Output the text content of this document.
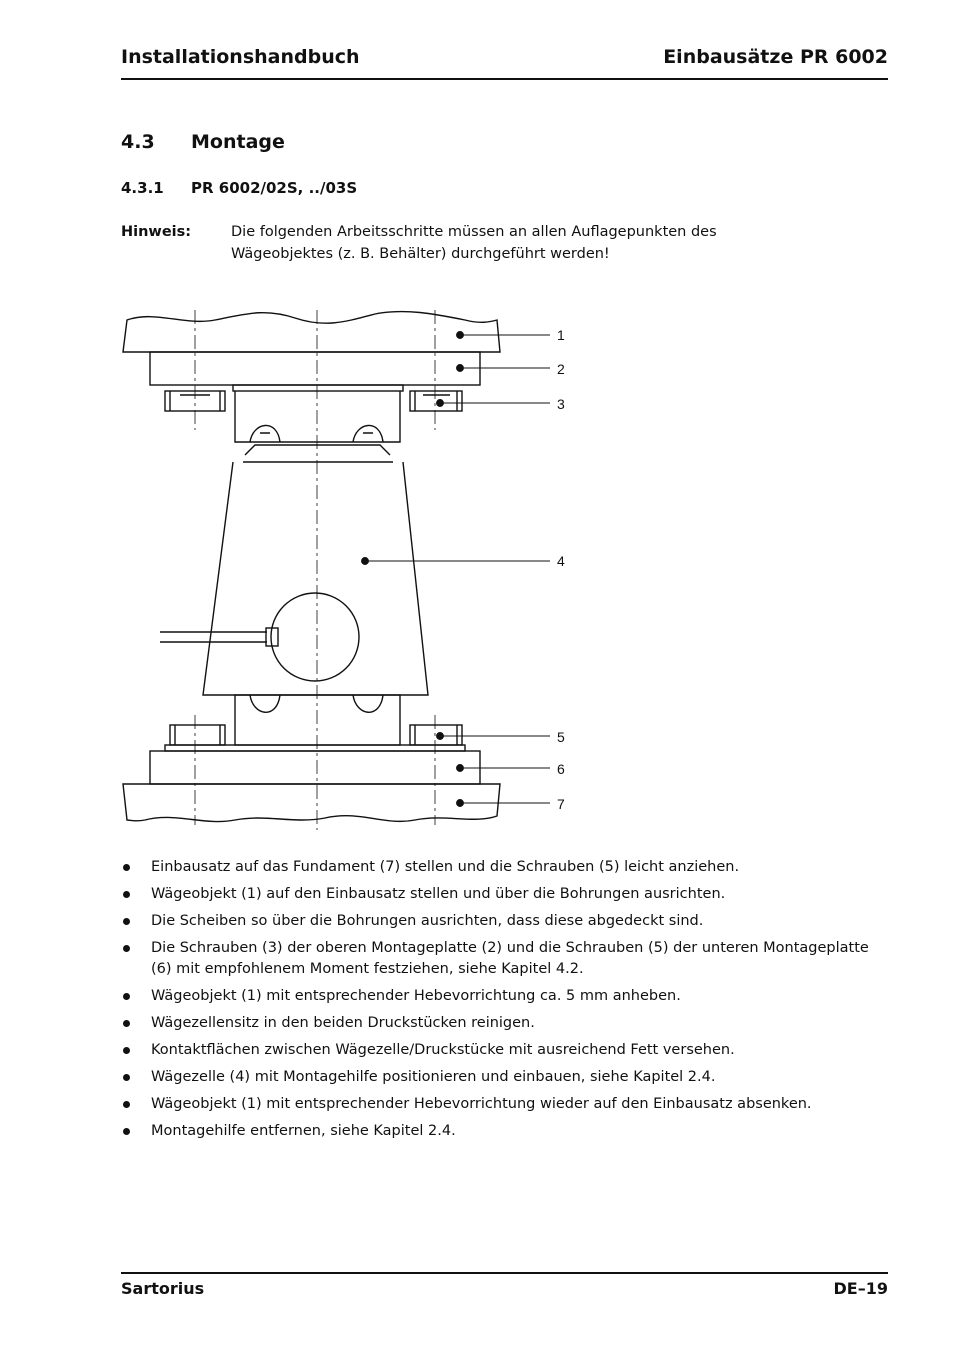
Installationshandbuch	Einbausätze PR 6002
4.3 Montage
4.3.1 PR 6002/02S, ../03S
Hinweis:	Die folgenden Arbeitsschritte müssen an allen Auflagepunkten des Wägeobjektes (z. B. Behälter) durchgeführt werden!
1
2
3
4
5
6
7
Einbausatz auf das Fundament (7) stellen und die Schrauben (5) leicht anziehen.
Wägeobjekt (1) auf den Einbausatz stellen und über die Bohrungen ausrichten.
Die Scheiben so über die Bohrungen ausrichten, dass diese abgedeckt sind.
Die Schrauben (3) der oberen Montageplatte (2) und die Schrauben (5) der unteren Montageplatte (6) mit empfohlenem Moment festziehen, siehe Kapitel 4.2.
Wägeobjekt (1) mit entsprechender Hebevorrichtung ca. 5 mm anheben.
Wägezellensitz in den beiden Druckstücken reinigen.
Kontaktflächen zwischen Wägezelle/Druckstücke mit ausreichend Fett versehen.
Wägezelle (4) mit Montagehilfe positionieren und einbauen, siehe Kapitel 2.4.
Wägeobjekt (1) mit entsprechender Hebevorrichtung wieder auf den Einbausatz absenken.
Montagehilfe entfernen, siehe Kapitel 2.4.
Sartorius	DE–19
